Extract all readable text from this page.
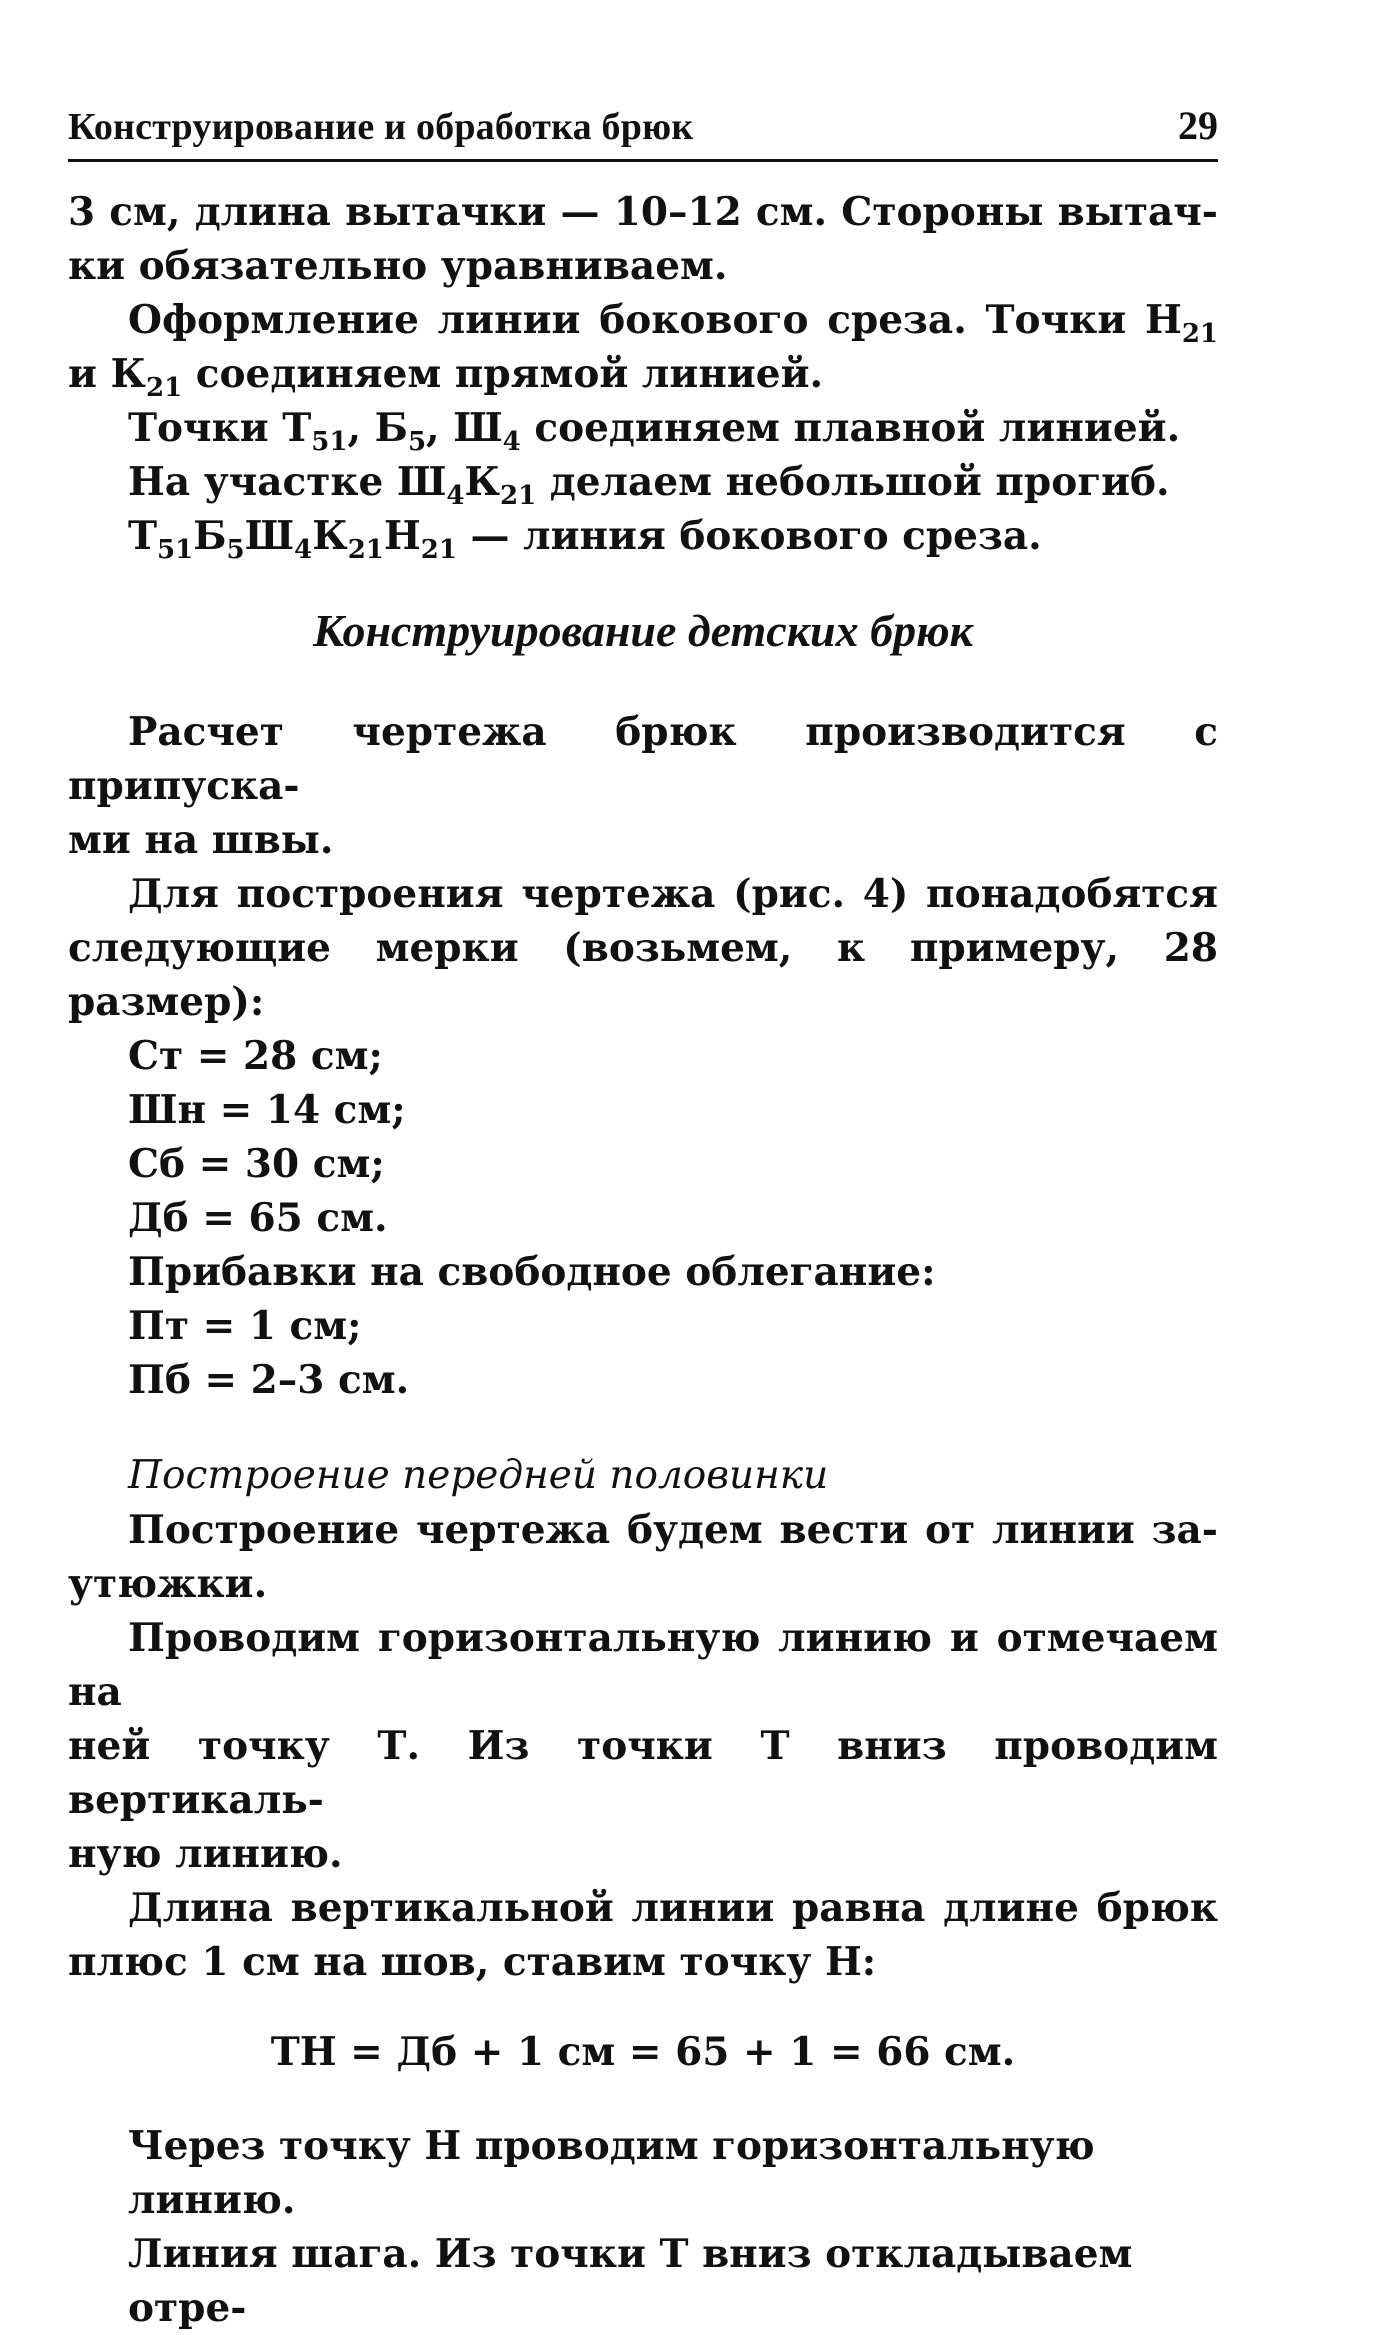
Конструирование и обработка брюк	29

3 см, длина вытачки — 10–12 см. Стороны вытач-

ки обязательно уравниваем.

Оформление линии бокового среза. Точки $Н_{21}$

и $К_{21}$ соединяем прямой линией.

Точки $Т_{51}$, $Б_5$, $Ш_4$ соединяем плавной линией.

На участке $Ш_4К_{21}$ делаем небольшой прогиб.

$Т_{51}Б_5Ш_4К_{21}Н_{21}$ — линия бокового среза.

Конструирование детских брюк

Расчет чертежа брюк производится с припуска-

ми на швы.

Для построения чертежа (рис. 4) понадобятся

следующие мерки (возьмем, к примеру, 28 размер):

Ст = 28 см;

Шн = 14 см;

Сб = 30 см;

Дб = 65 см.

Прибавки на свободное облегание:

Пт = 1 см;

Пб = 2–3 см.

Построение передней половинки

Построение чертежа будем вести от линии за-

утюжки.

Проводим горизонтальную линию и отмечаем на

ней точку Т. Из точки Т вниз проводим вертикаль-

ную линию.

Длина вертикальной линии равна длине брюк

плюс 1 см на шов, ставим точку Н:

ТН = Дб + 1 см = 65 + 1 = 66 см.

Через точку Н проводим горизонтальную линию.

Линия шага. Из точки Т вниз откладываем отре-
